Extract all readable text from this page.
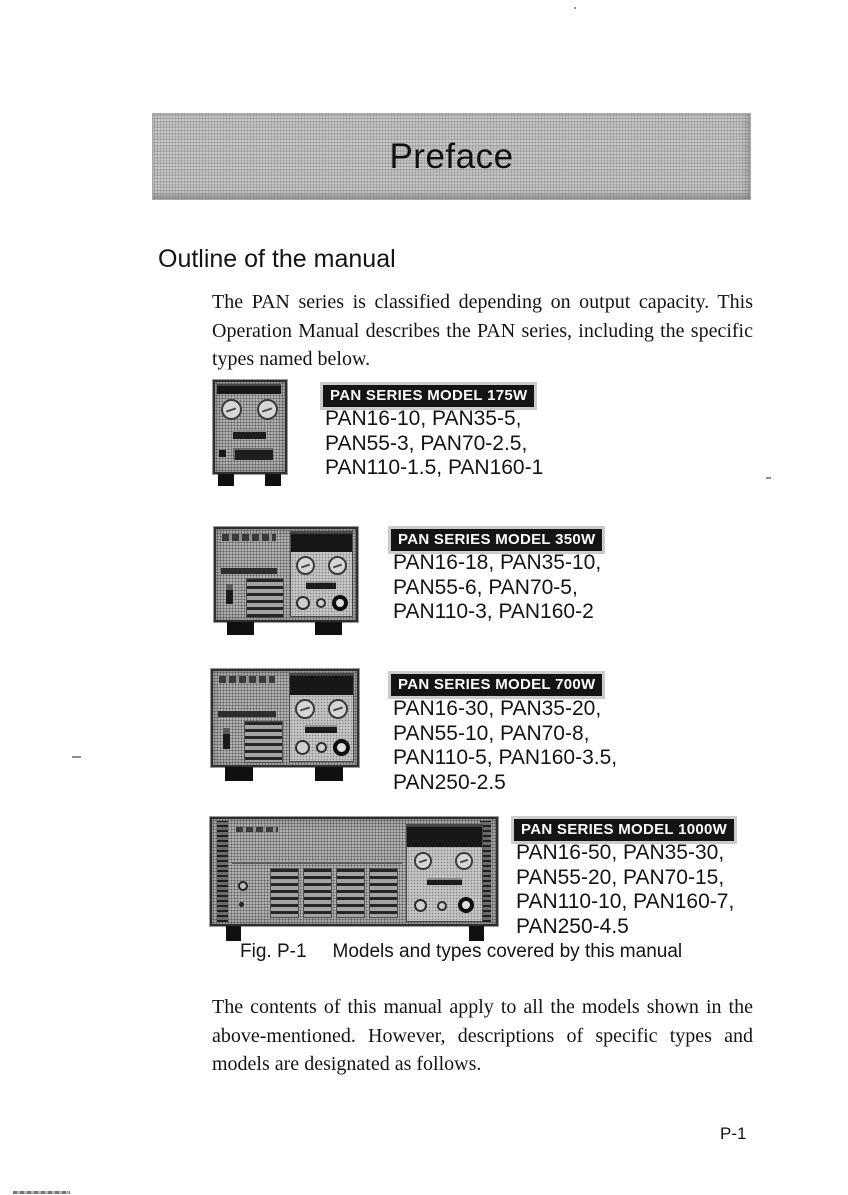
Preface
Outline of the manual
The PAN series is classified depending on output capacity. This
Operation Manual describes the PAN series, including the specific
types named below.
PAN SERIES MODEL 175W
PAN16-10, PAN35-5,
PAN55-3, PAN70-2.5,
PAN110-1.5, PAN160-1
PAN SERIES MODEL 350W
PAN16-18, PAN35-10,
PAN55-6, PAN70-5,
PAN110-3, PAN160-2
PAN SERIES MODEL 700W
PAN16-30, PAN35-20,
PAN55-10, PAN70-8,
PAN110-5, PAN160-3.5,
PAN250-2.5
PAN SERIES MODEL 1000W
PAN16-50, PAN35-30,
PAN55-20, PAN70-15,
PAN110-10, PAN160-7,
PAN250-4.5
Fig. P-1 Models and types covered by this manual
The contents of this manual apply to all the models shown in the
above-mentioned. However, descriptions of specific types and
models are designated as follows.
P-1
